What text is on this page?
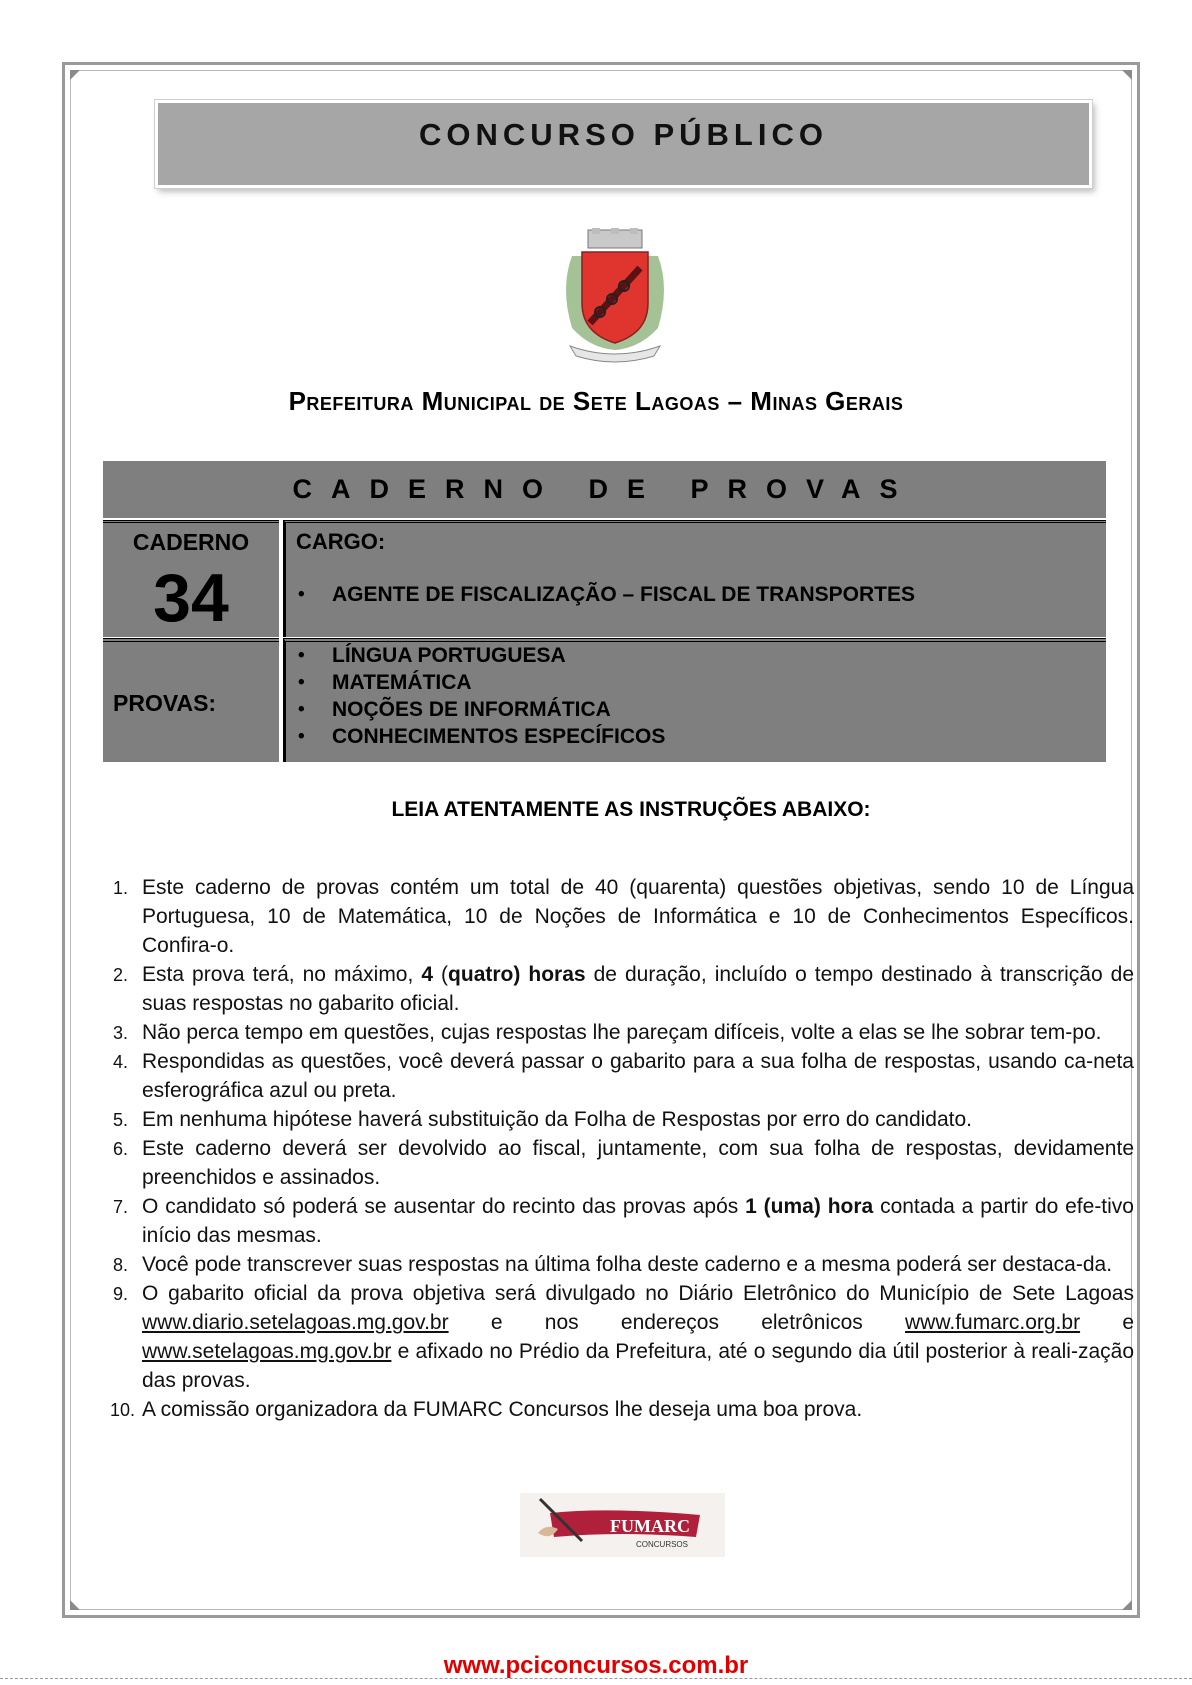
CONCURSO PÚBLICO
Prefeitura Municipal de Sete Lagoas – Minas Gerais
CADERNO DE PROVAS
CADERNO
34
CARGO:
• AGENTE DE FISCALIZAÇÃO – FISCAL DE TRANSPORTES
PROVAS:
• LÍNGUA PORTUGUESA
• MATEMÁTICA
• NOÇÕES DE INFORMÁTICA
• CONHECIMENTOS ESPECÍFICOS
LEIA ATENTAMENTE AS INSTRUÇÕES ABAIXO:
1. Este caderno de provas contém um total de 40 (quarenta) questões objetivas, sendo 10 de Língua Portuguesa, 10 de Matemática, 10 de Noções de Informática e 10 de Conhecimentos Específicos. Confira-o.
2. Esta prova terá, no máximo, 4 (quatro) horas de duração, incluído o tempo destinado à transcrição de suas respostas no gabarito oficial.
3. Não perca tempo em questões, cujas respostas lhe pareçam difíceis, volte a elas se lhe sobrar tem-po.
4. Respondidas as questões, você deverá passar o gabarito para a sua folha de respostas, usando ca-neta esferográfica azul ou preta.
5. Em nenhuma hipótese haverá substituição da Folha de Respostas por erro do candidato.
6. Este caderno deverá ser devolvido ao fiscal, juntamente, com sua folha de respostas, devidamente preenchidos e assinados.
7. O candidato só poderá se ausentar do recinto das provas após 1 (uma) hora contada a partir do efe-tivo início das mesmas.
8. Você pode transcrever suas respostas na última folha deste caderno e a mesma poderá ser destaca-da.
9. O gabarito oficial da prova objetiva será divulgado no Diário Eletrônico do Município de Sete Lagoas www.diario.setelagoas.mg.gov.br e nos endereços eletrônicos www.fumarc.org.br e www.setelagoas.mg.gov.br e afixado no Prédio da Prefeitura, até o segundo dia útil posterior à reali-zação das provas.
10. A comissão organizadora da FUMARC Concursos lhe deseja uma boa prova.
FUMARC
CONCURSOS
www.pciconcursos.com.br
